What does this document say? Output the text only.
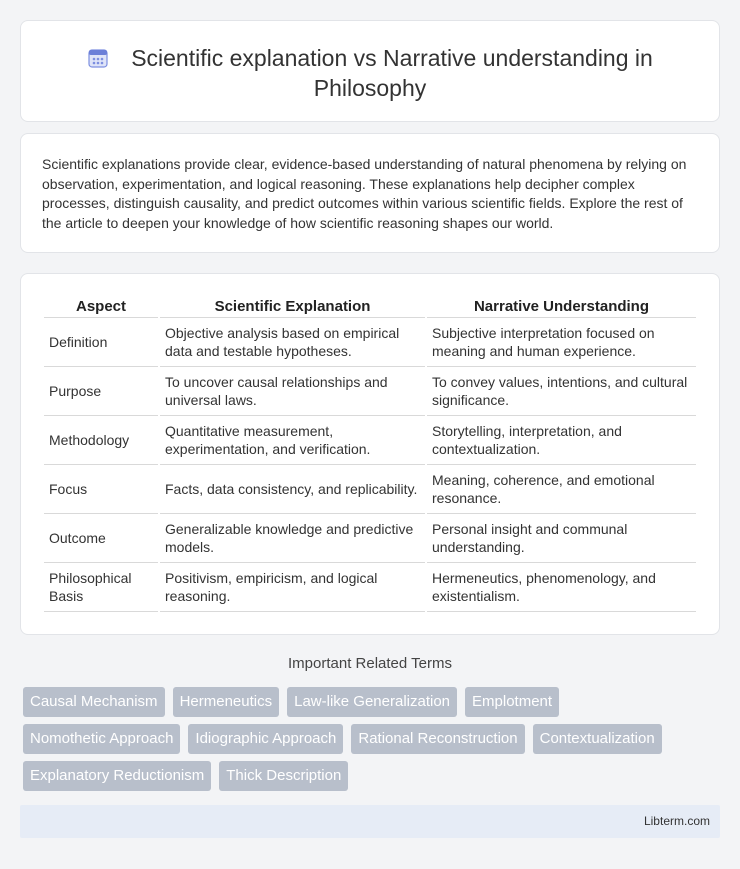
Scientific explanation vs Narrative understanding in Philosophy

Scientific explanations provide clear, evidence-based understanding of natural phenomena by relying on observation, experimentation, and logical reasoning. These explanations help decipher complex processes, distinguish causality, and predict outcomes within various scientific fields. Explore the rest of the article to deepen your knowledge of how scientific reasoning shapes our world.

Aspect	Scientific Explanation	Narrative Understanding
Definition	Objective analysis based on empirical data and testable hypotheses.	Subjective interpretation focused on meaning and human experience.
Purpose	To uncover causal relationships and universal laws.	To convey values, intentions, and cultural significance.
Methodology	Quantitative measurement, experimentation, and verification.	Storytelling, interpretation, and contextualization.
Focus	Facts, data consistency, and replicability.	Meaning, coherence, and emotional resonance.
Outcome	Generalizable knowledge and predictive models.	Personal insight and communal understanding.
Philosophical Basis	Positivism, empiricism, and logical reasoning.	Hermeneutics, phenomenology, and existentialism.
Important Related Terms
Causal Mechanism	Hermeneutics	Law-like Generalization	Emplotment
Nomothetic Approach	Idiographic Approach	Rational Reconstruction	Contextualization
Explanatory Reductionism	Thick Description
Libterm.com
